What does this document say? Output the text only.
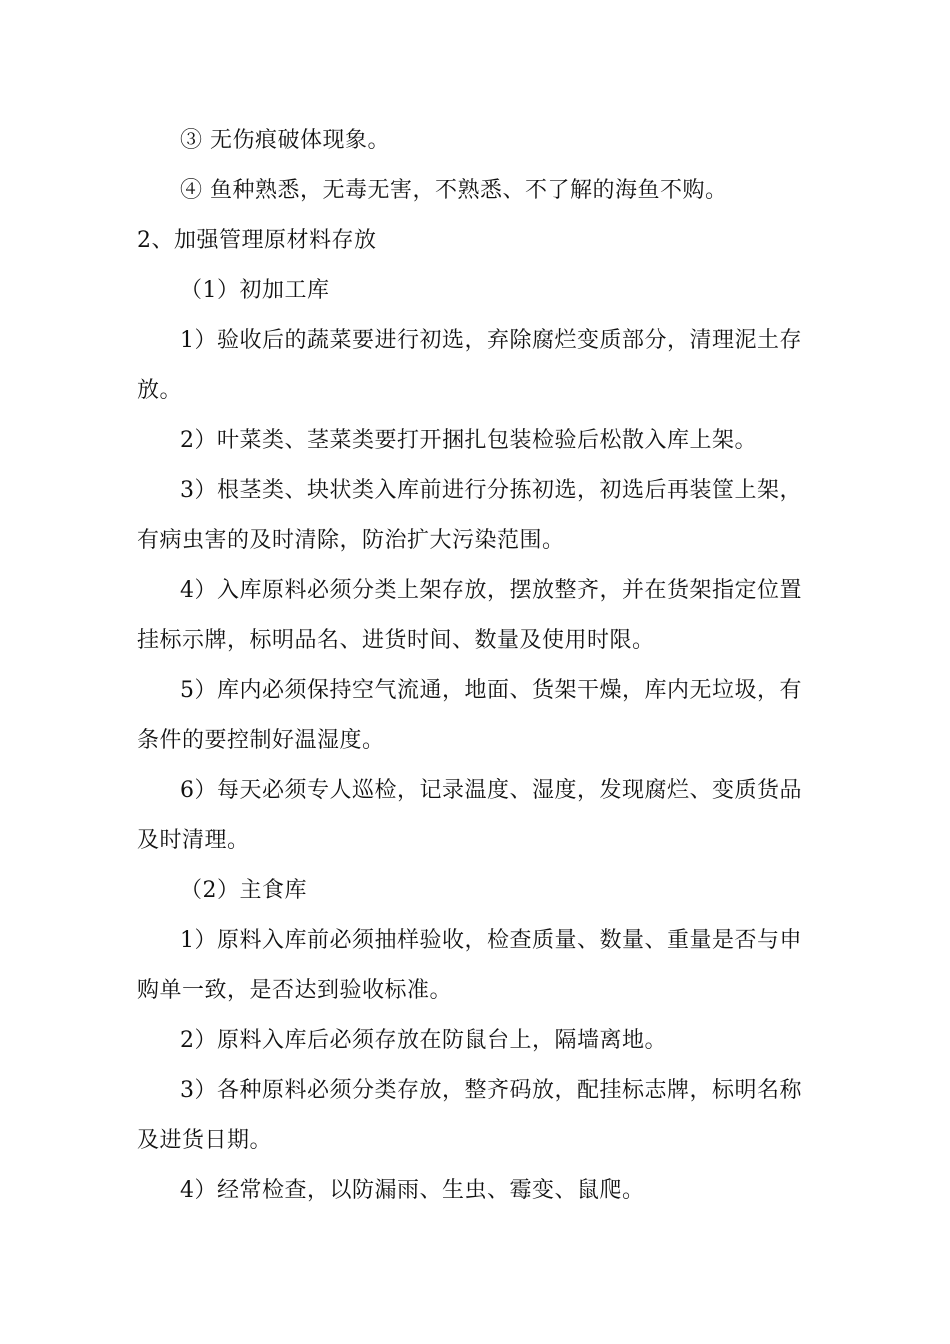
③ 无伤痕破体现象。
④ 鱼种熟悉，无毒无害，不熟悉、不了解的海鱼不购。
2、加强管理原材料存放
（1）初加工库
1）验收后的蔬菜要进行初选，弃除腐烂变质部分，清理泥土存
放。
2）叶菜类、茎菜类要打开捆扎包装检验后松散入库上架。
3）根茎类、块状类入库前进行分拣初选，初选后再装筐上架，
有病虫害的及时清除，防治扩大污染范围。
4）入库原料必须分类上架存放，摆放整齐，并在货架指定位置
挂标示牌，标明品名、进货时间、数量及使用时限。
5）库内必须保持空气流通，地面、货架干燥，库内无垃圾，有
条件的要控制好温湿度。
6）每天必须专人巡检，记录温度、湿度，发现腐烂、变质货品
及时清理。
（2）主食库
1）原料入库前必须抽样验收，检查质量、数量、重量是否与申
购单一致，是否达到验收标准。
2）原料入库后必须存放在防鼠台上，隔墙离地。
3）各种原料必须分类存放，整齐码放，配挂标志牌，标明名称
及进货日期。
4）经常检查，以防漏雨、生虫、霉变、鼠爬。
